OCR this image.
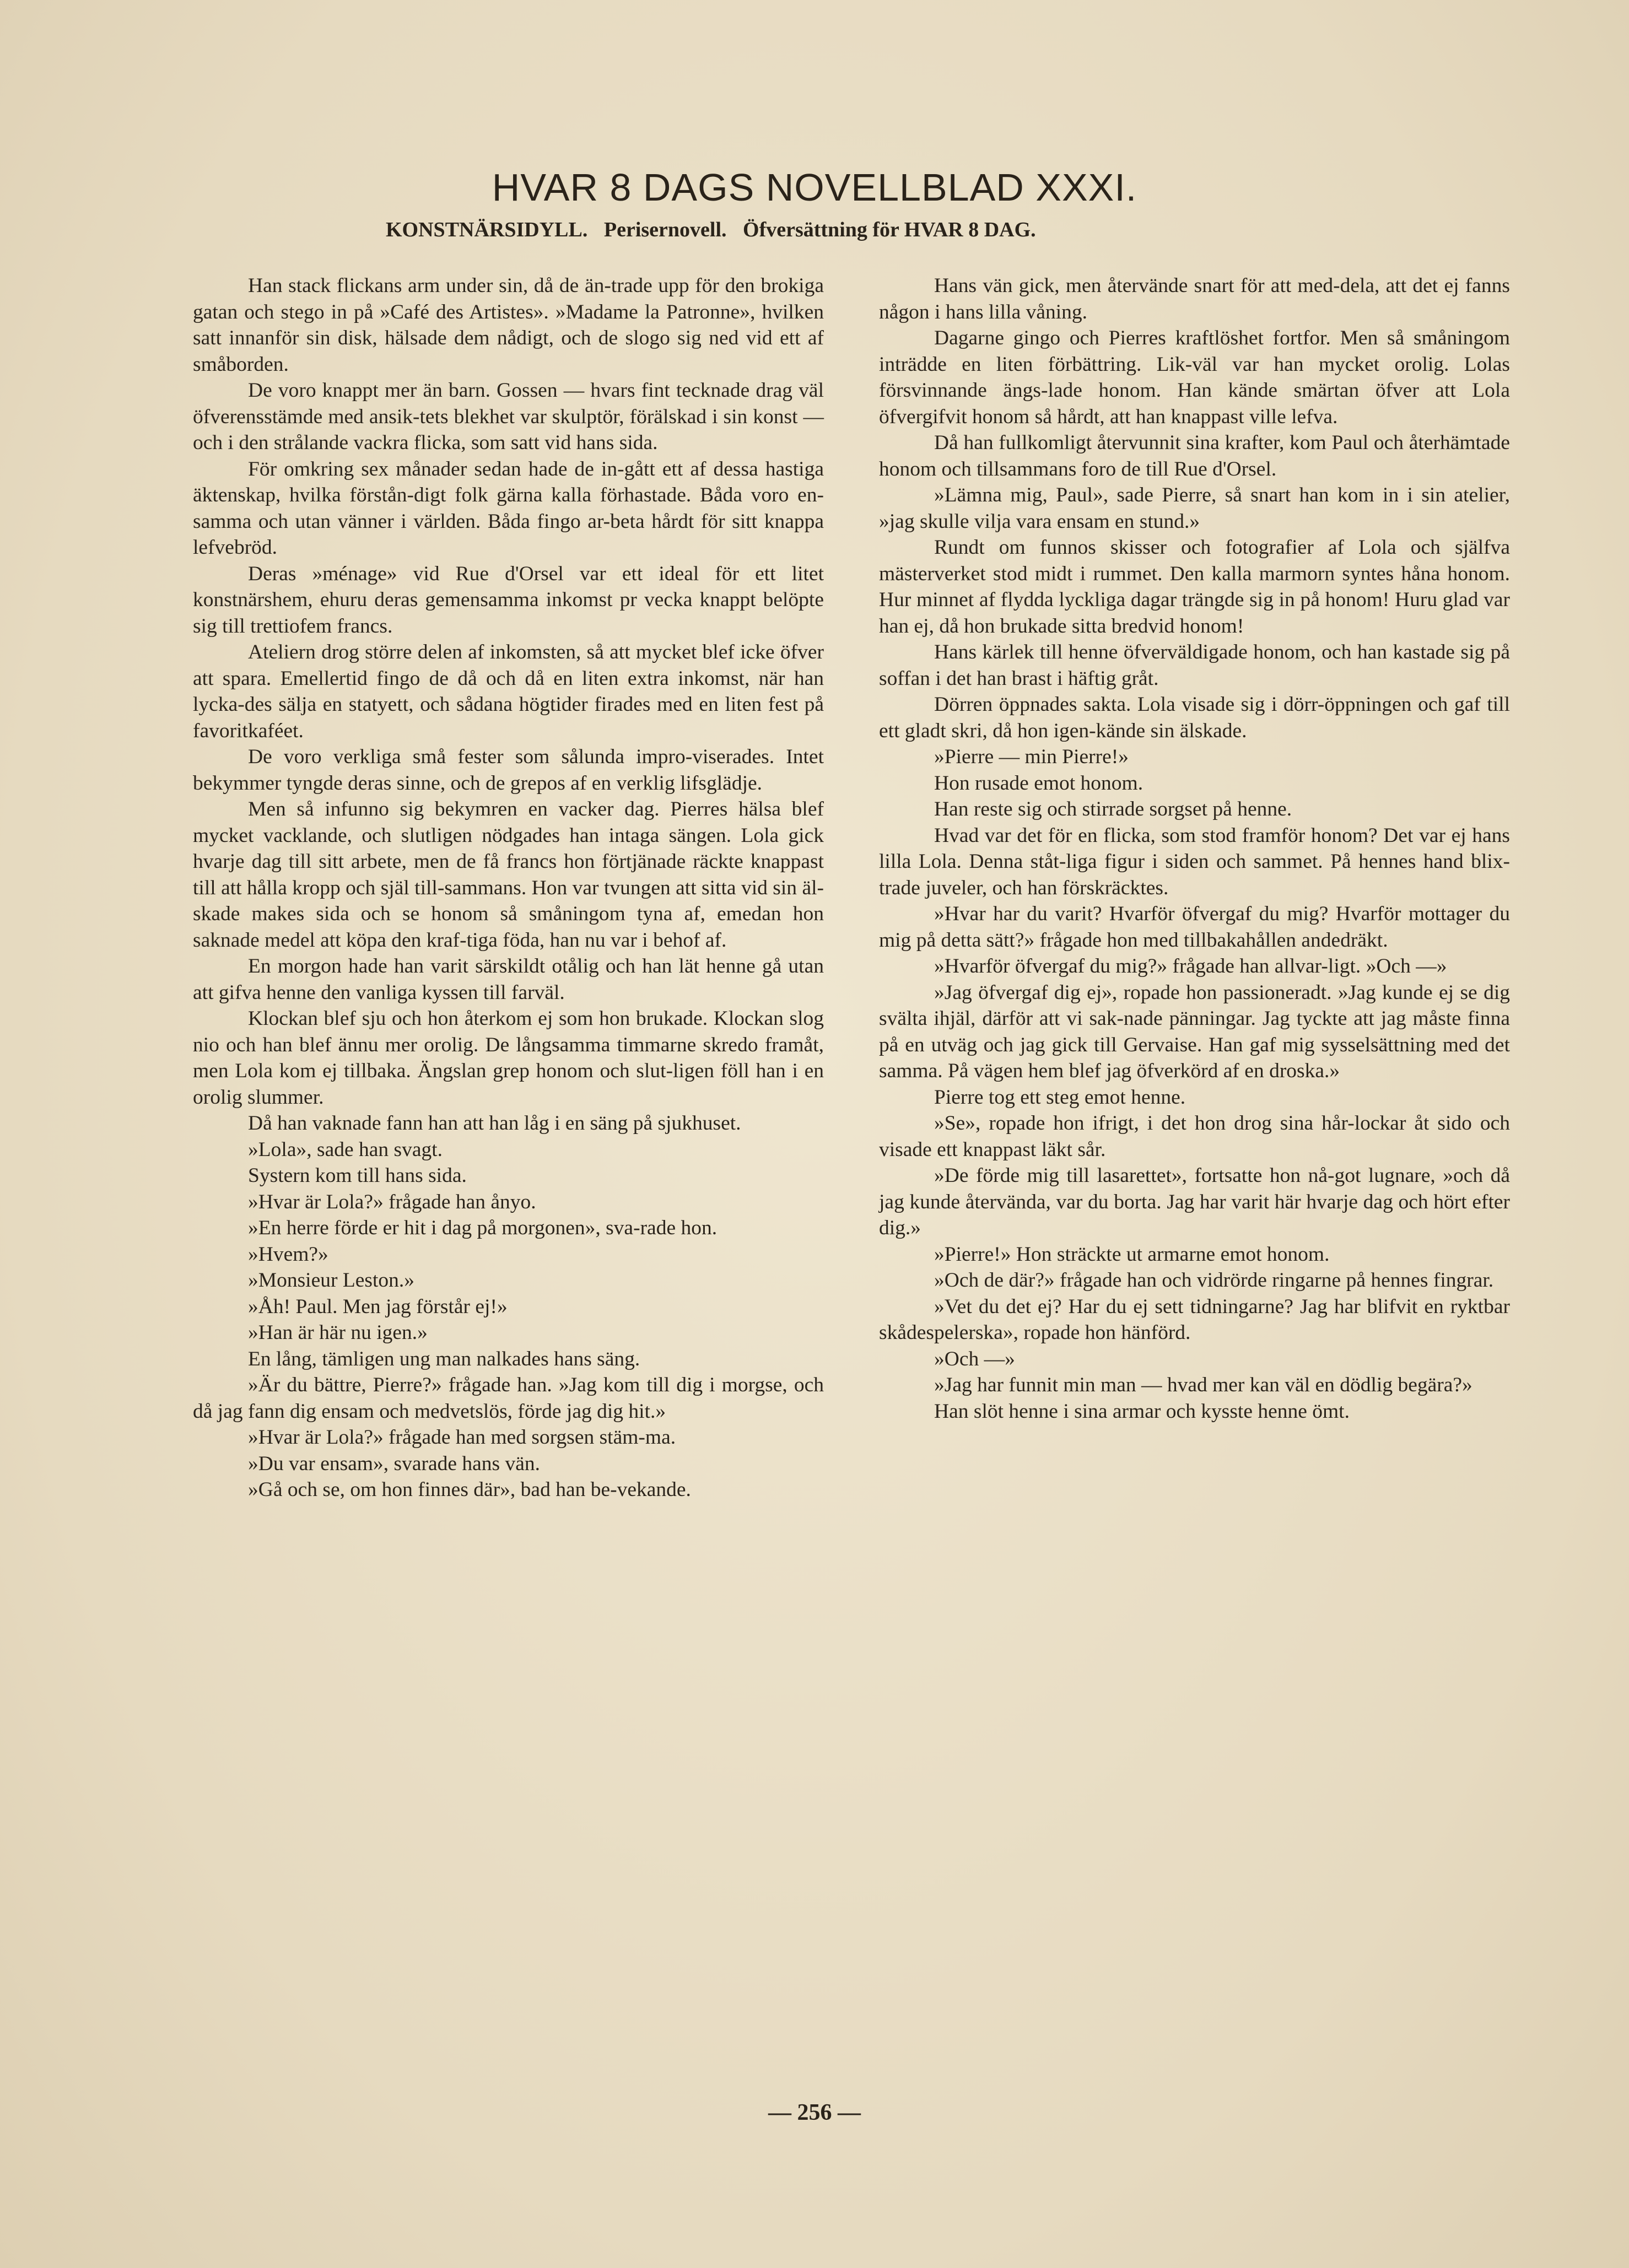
HVAR 8 DAGS NOVELLBLAD XXXI.
KONSTNÄRSIDYLL. Perisernovell. Öfversättning för HVAR 8 DAG.

Han stack flickans arm under sin, då de än-trade upp för den brokiga gatan och stego in på »Café des Artistes». »Madame la Patronne», hvilken satt innanför sin disk, hälsade dem nådigt, och de slogo sig ned vid ett af småborden.

De voro knappt mer än barn. Gossen — hvars fint tecknade drag väl öfverensstämde med ansik-tets blekhet var skulptör, förälskad i sin konst — och i den strålande vackra flicka, som satt vid hans sida.

För omkring sex månader sedan hade de in-gått ett af dessa hastiga äktenskap, hvilka förstån-digt folk gärna kalla förhastade. Båda voro en-samma och utan vänner i världen. Båda fingo ar-beta hårdt för sitt knappa lefvebröd.

Deras »ménage» vid Rue d'Orsel var ett ideal för ett litet konstnärshem, ehuru deras gemensamma inkomst pr vecka knappt belöpte sig till trettiofem francs.

Ateliern drog större delen af inkomsten, så att mycket blef icke öfver att spara. Emellertid fingo de då och då en liten extra inkomst, när han lycka-des sälja en statyett, och sådana högtider firades med en liten fest på favoritkaféet.

De voro verkliga små fester som sålunda impro-viserades. Intet bekymmer tyngde deras sinne, och de grepos af en verklig lifsglädje.

Men så infunno sig bekymren en vacker dag. Pierres hälsa blef mycket vacklande, och slutligen nödgades han intaga sängen. Lola gick hvarje dag till sitt arbete, men de få francs hon förtjänade räckte knappast till att hålla kropp och själ till-sammans. Hon var tvungen att sitta vid sin äl-skade makes sida och se honom så småningom tyna af, emedan hon saknade medel att köpa den kraf-tiga föda, han nu var i behof af.

En morgon hade han varit särskildt otålig och han lät henne gå utan att gifva henne den vanliga kyssen till farväl.

Klockan blef sju och hon återkom ej som hon brukade. Klockan slog nio och han blef ännu mer orolig. De långsamma timmarne skredo framåt, men Lola kom ej tillbaka. Ängslan grep honom och slut-ligen föll han i en orolig slummer.

Då han vaknade fann han att han låg i en säng på sjukhuset.

»Lola», sade han svagt.

Systern kom till hans sida.

»Hvar är Lola?» frågade han ånyo.

»En herre förde er hit i dag på morgonen», sva-rade hon.

»Hvem?»

»Monsieur Leston.»

»Åh! Paul. Men jag förstår ej!»

»Han är här nu igen.»

En lång, tämligen ung man nalkades hans säng.

»Är du bättre, Pierre?» frågade han. »Jag kom till dig i morgse, och då jag fann dig ensam och medvetslös, förde jag dig hit.»

»Hvar är Lola?» frågade han med sorgsen stäm-ma.

»Du var ensam», svarade hans vän.

»Gå och se, om hon finnes där», bad han be-vekande.

Hans vän gick, men återvände snart för att med-dela, att det ej fanns någon i hans lilla våning.

Dagarne gingo och Pierres kraftlöshet fortfor. Men så småningom inträdde en liten förbättring. Lik-väl var han mycket orolig. Lolas försvinnande ängs-lade honom. Han kände smärtan öfver att Lola öfvergifvit honom så hårdt, att han knappast ville lefva.

Då han fullkomligt återvunnit sina krafter, kom Paul och återhämtade honom och tillsammans foro de till Rue d'Orsel.

»Lämna mig, Paul», sade Pierre, så snart han kom in i sin atelier, »jag skulle vilja vara ensam en stund.»

Rundt om funnos skisser och fotografier af Lola och själfva mästerverket stod midt i rummet. Den kalla marmorn syntes håna honom. Hur minnet af flydda lyckliga dagar trängde sig in på honom! Huru glad var han ej, då hon brukade sitta bredvid honom!

Hans kärlek till henne öfverväldigade honom, och han kastade sig på soffan i det han brast i häftig gråt.

Dörren öppnades sakta. Lola visade sig i dörr-öppningen och gaf till ett gladt skri, då hon igen-kände sin älskade.

»Pierre — min Pierre!»

Hon rusade emot honom.

Han reste sig och stirrade sorgset på henne.

Hvad var det för en flicka, som stod framför honom? Det var ej hans lilla Lola. Denna ståt-liga figur i siden och sammet. På hennes hand blix-trade juveler, och han förskräcktes.

»Hvar har du varit? Hvarför öfvergaf du mig? Hvarför mottager du mig på detta sätt?» frågade hon med tillbakahållen andedräkt.

»Hvarför öfvergaf du mig?» frågade han allvar-ligt. »Och —»

»Jag öfvergaf dig ej», ropade hon passioneradt. »Jag kunde ej se dig svälta ihjäl, därför att vi sak-nade pänningar. Jag tyckte att jag måste finna på en utväg och jag gick till Gervaise. Han gaf mig sysselsättning med det samma. På vägen hem blef jag öfverkörd af en droska.»

Pierre tog ett steg emot henne.

»Se», ropade hon ifrigt, i det hon drog sina hår-lockar åt sido och visade ett knappast läkt sår.

»De förde mig till lasarettet», fortsatte hon nå-got lugnare, »och då jag kunde återvända, var du borta. Jag har varit här hvarje dag och hört efter dig.»

»Pierre!» Hon sträckte ut armarne emot honom.

»Och de där?» frågade han och vidrörde ringarne på hennes fingrar.

»Vet du det ej? Har du ej sett tidningarne? Jag har blifvit en ryktbar skådespelerska», ropade hon hänförd.

»Och —»

»Jag har funnit min man — hvad mer kan väl en dödlig begära?»

Han slöt henne i sina armar och kysste henne ömt.

— 256 —
